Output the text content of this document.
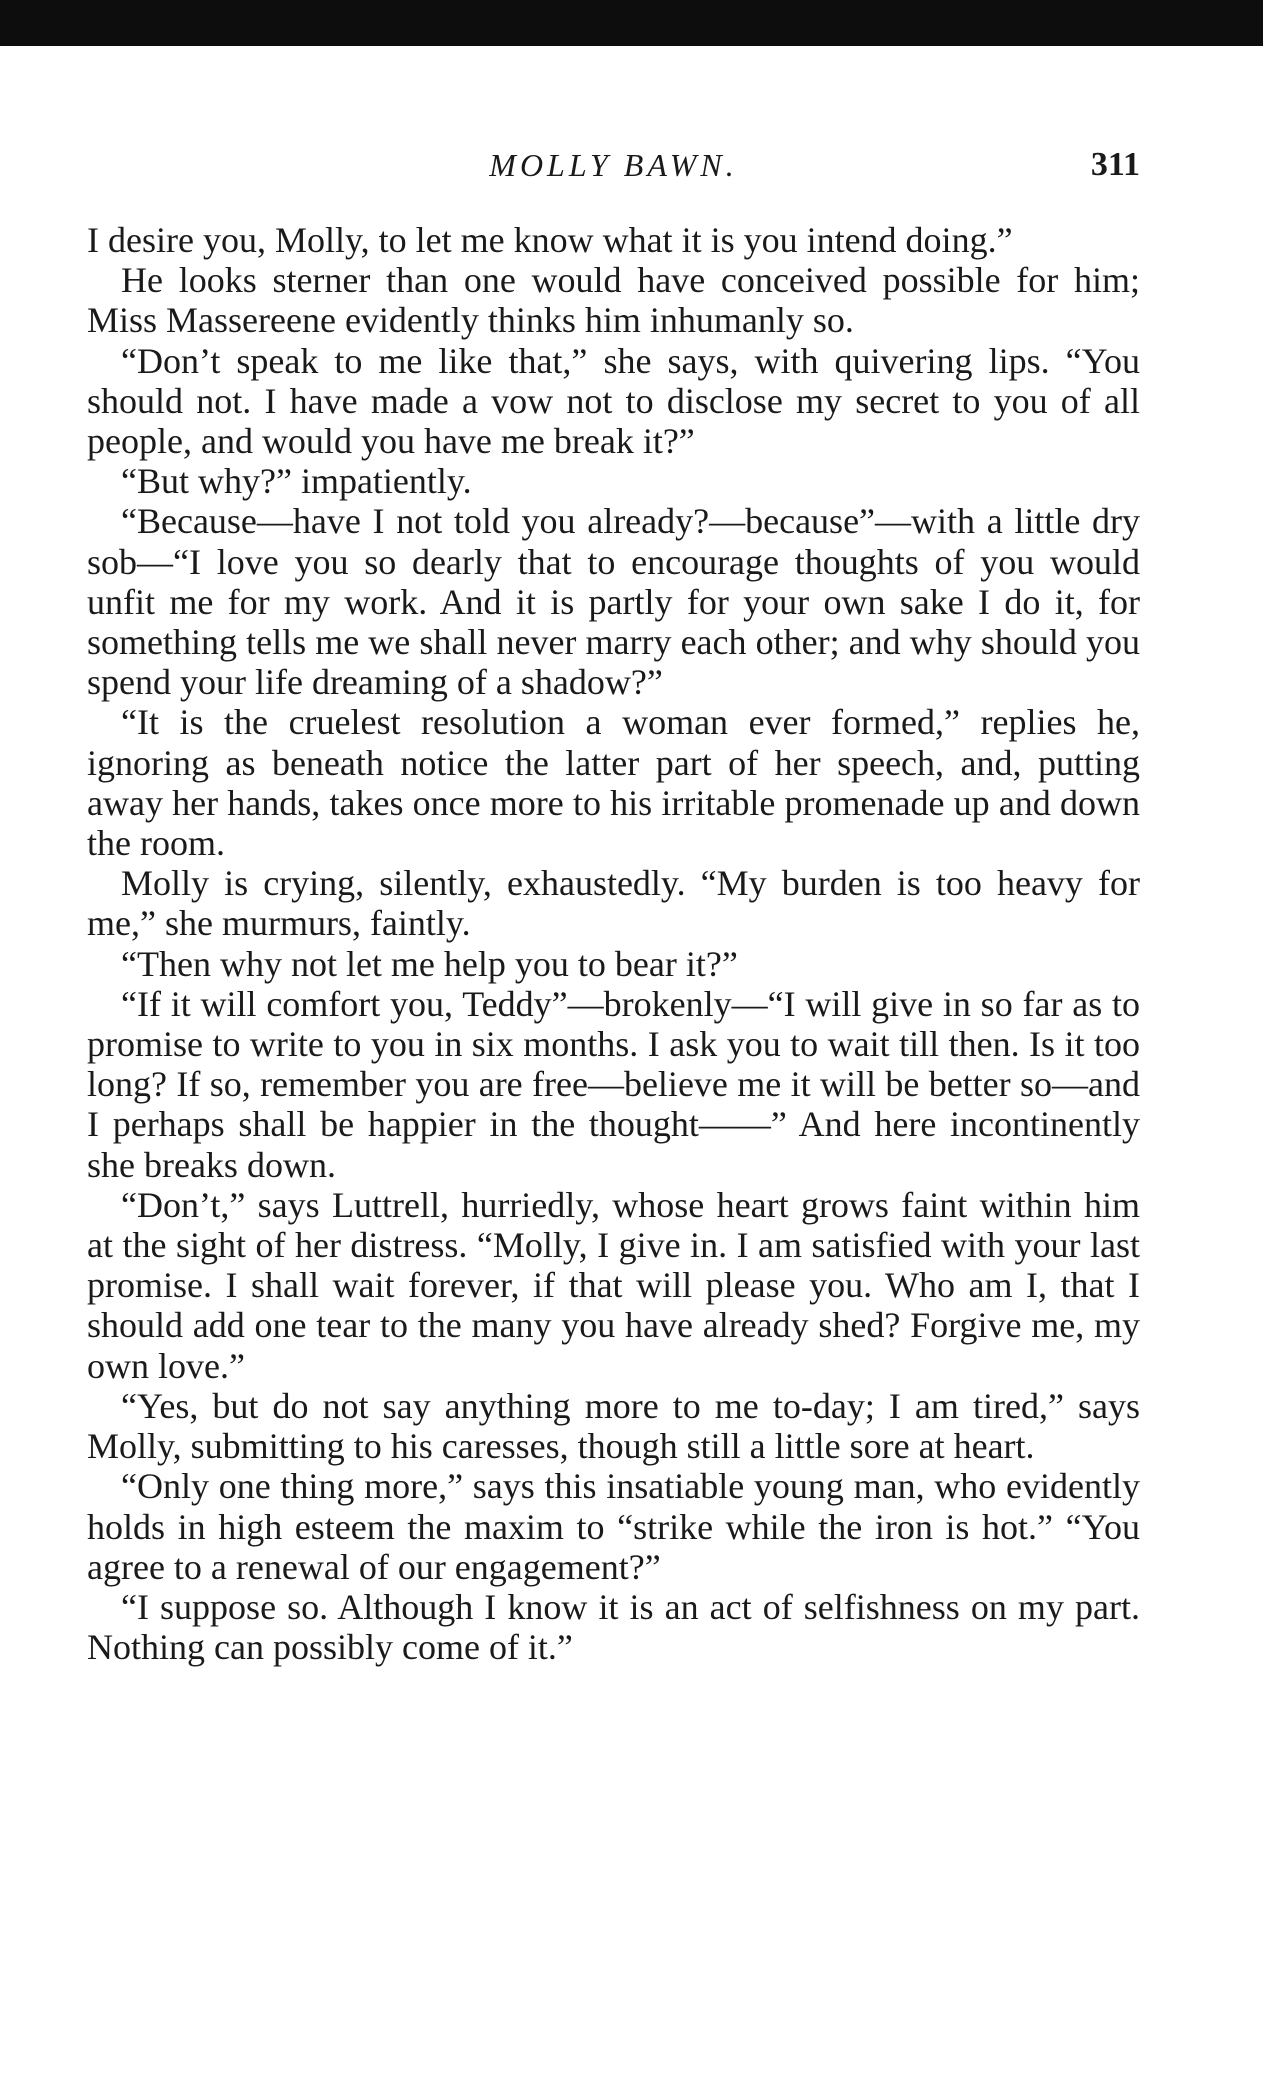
MOLLY BAWN.	311

I desire you, Molly, to let me know what it is you intend doing.”

He looks sterner than one would have conceived possible for him; Miss Massereene evidently thinks him inhumanly so.

“Don’t speak to me like that,” she says, with quivering lips. “You should not. I have made a vow not to disclose my secret to you of all people, and would you have me break it?”

“But why?” impatiently.

“Because—have I not told you already?—because”—with a little dry sob—“I love you so dearly that to encourage thoughts of you would unfit me for my work. And it is partly for your own sake I do it, for something tells me we shall never marry each other; and why should you spend your life dreaming of a shadow?”

“It is the cruelest resolution a woman ever formed,” replies he, ignoring as beneath notice the latter part of her speech, and, putting away her hands, takes once more to his irritable promenade up and down the room.

Molly is crying, silently, exhaustedly. “My burden is too heavy for me,” she murmurs, faintly.

“Then why not let me help you to bear it?”

“If it will comfort you, Teddy”—brokenly—“I will give in so far as to promise to write to you in six months. I ask you to wait till then. Is it too long? If so, remember you are free—believe me it will be better so—and I perhaps shall be happier in the thought——” And here incontinently she breaks down.

“Don’t,” says Luttrell, hurriedly, whose heart grows faint within him at the sight of her distress. “Molly, I give in. I am satisfied with your last promise. I shall wait forever, if that will please you. Who am I, that I should add one tear to the many you have already shed? Forgive me, my own love.”

“Yes, but do not say anything more to me to-day; I am tired,” says Molly, submitting to his caresses, though still a little sore at heart.

“Only one thing more,” says this insatiable young man, who evidently holds in high esteem the maxim to “strike while the iron is hot.” “You agree to a renewal of our engagement?”

“I suppose so. Although I know it is an act of selfishness on my part. Nothing can possibly come of it.”
